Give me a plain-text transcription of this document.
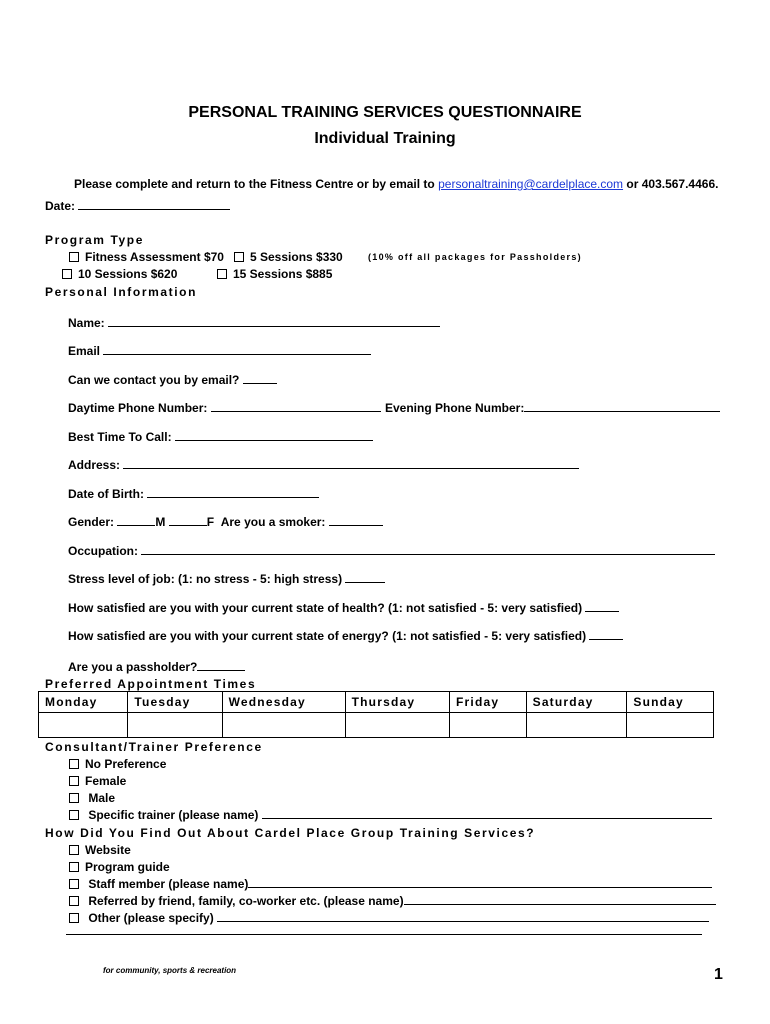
PERSONAL TRAINING SERVICES QUESTIONNAIRE
Individual Training
Please complete and return to the Fitness Centre or by email to personaltraining@cardelplace.com or 403.567.4466.
Date:
Program Type
Fitness Assessment $70	5 Sessions $330	(10% off all packages for Passholders)
10 Sessions $620	15 Sessions $885
Personal Information
Name:
Email
Can we contact you by email?
Daytime Phone Number:	Evening Phone Number:
Best Time To Call:
Address:
Date of Birth:
Gender:	M	F Are you a smoker:
Occupation:
Stress level of job: (1: no stress - 5: high stress)
How satisfied are you with your current state of health? (1: not satisfied - 5: very satisfied)
How satisfied are you with your current state of energy? (1: not satisfied - 5: very satisfied)
Are you a passholder?
Preferred Appointment Times
Monday	Tuesday	Wednesday	Thursday	Friday	Saturday	Sunday

Consultant/Trainer Preference
No Preference
Female
Male
Specific trainer (please name)
How Did You Find Out About Cardel Place Group Training Services?
Website
Program guide
Staff member (please name)
Referred by friend, family, co-worker etc. (please name)
Other (please specify)
for community, sports & recreation	1
